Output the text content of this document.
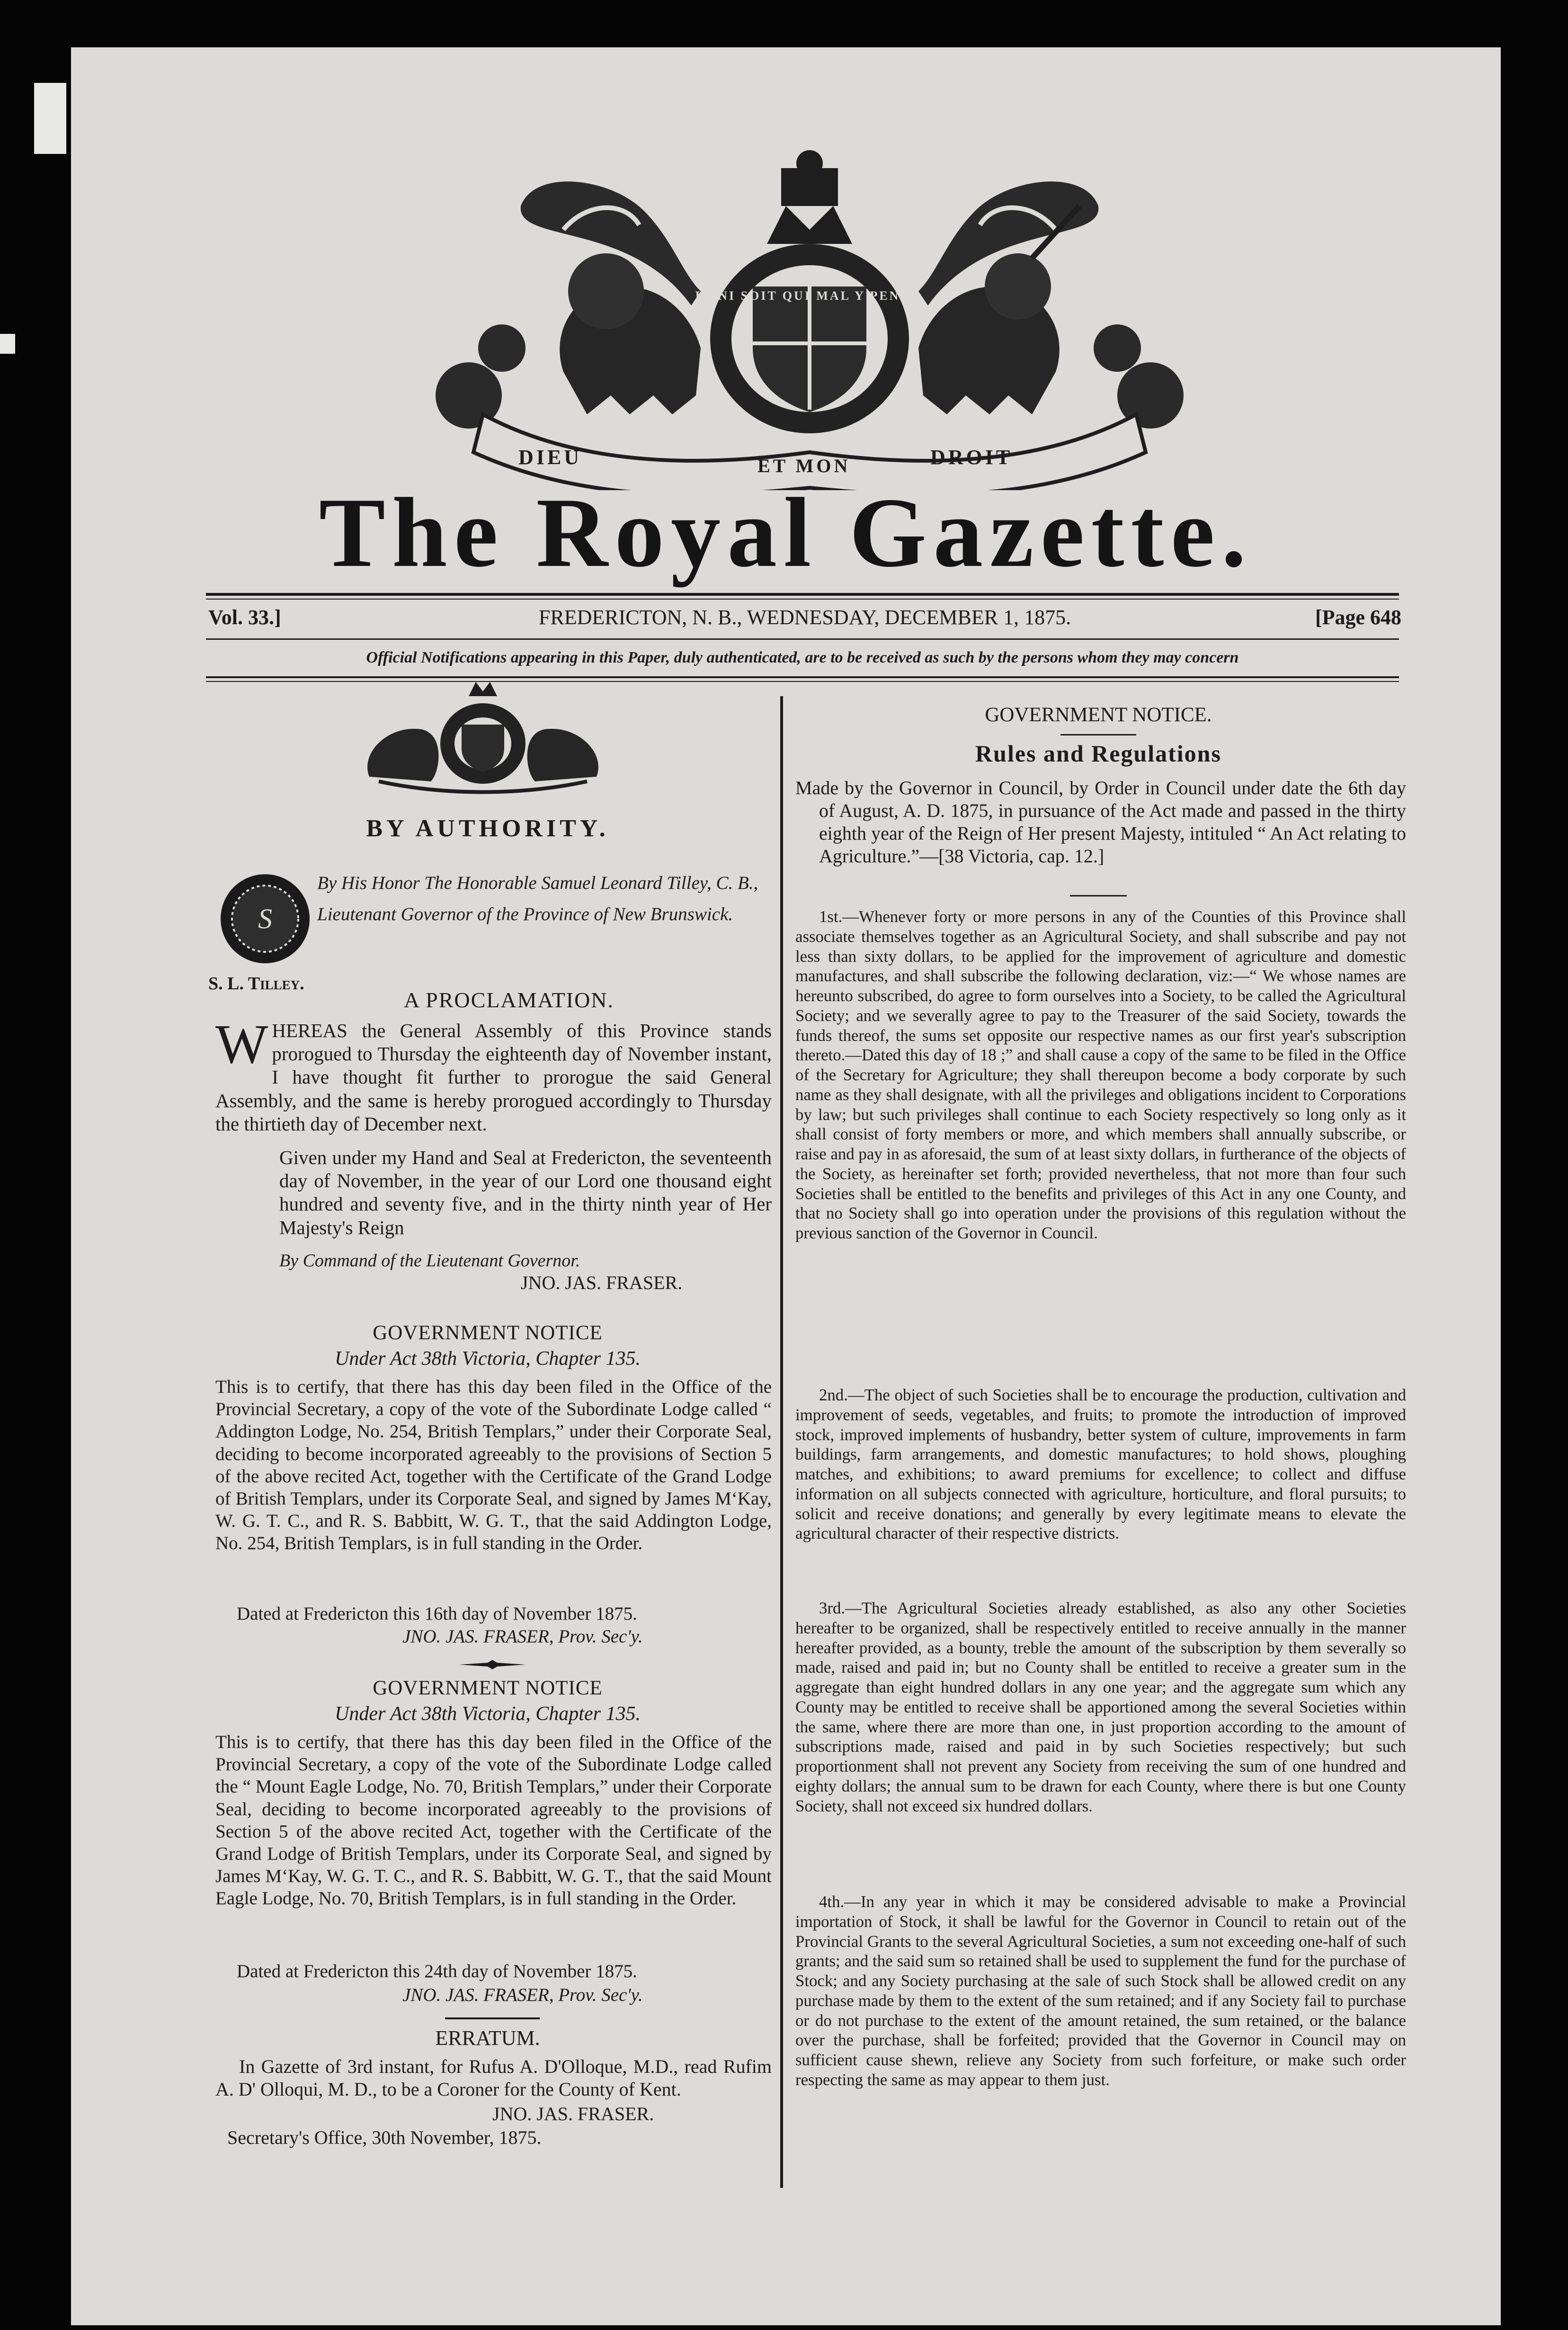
DIEU	ET MON	DROIT
HONI SOIT QUI MAL Y PENSE
The Royal Gazette.
Vol. 33.]	FREDERICTON, N. B., WEDNESDAY, DECEMBER 1, 1875.	[Page 648
Official Notifications appearing in this Paper, duly authenticated, are to be received as such by the persons whom they may concern
BY AUTHORITY.
S

By His Honor The Honorable Samuel Leonard Tilley, C. B., Lieutenant Governor of the Province of New Brunswick.

S. L. Tilley.
A PROCLAMATION.

WHEREAS the General Assembly of this Province stands prorogued to Thursday the eighteenth day of November instant, I have thought fit further to prorogue the said General Assembly, and the same is hereby prorogued accordingly to Thursday the thirtieth day of December next.

Given under my Hand and Seal at Fredericton, the seventeenth day of November, in the year of our Lord one thousand eight hundred and seventy five, and in the thirty ninth year of Her Majesty's Reign

By Command of the Lieutenant Governor.
JNO. JAS. FRASER.
GOVERNMENT NOTICE
Under Act 38th Victoria, Chapter 135.

This is to certify, that there has this day been filed in the Office of the Provincial Secretary, a copy of the vote of the Subordinate Lodge called “ Addington Lodge, No. 254, British Templars,” under their Corporate Seal, deciding to become incorporated agreeably to the provisions of Section 5 of the above recited Act, together with the Certificate of the Grand Lodge of British Templars, under its Corporate Seal, and signed by James M‘Kay, W. G. T. C., and R. S. Babbitt, W. G. T., that the said Addington Lodge, No. 254, British Templars, is in full standing in the Order.

Dated at Fredericton this 16th day of November 1875.
JNO. JAS. FRASER, Prov. Sec'y.
GOVERNMENT NOTICE
Under Act 38th Victoria, Chapter 135.

This is to certify, that there has this day been filed in the Office of the Provincial Secretary, a copy of the vote of the Subordinate Lodge called the “ Mount Eagle Lodge, No. 70, British Templars,” under their Corporate Seal, deciding to become incorporated agreeably to the provisions of Section 5 of the above recited Act, together with the Certificate of the Grand Lodge of British Templars, under its Corporate Seal, and signed by James M‘Kay, W. G. T. C., and R. S. Babbitt, W. G. T., that the said Mount Eagle Lodge, No. 70, British Templars, is in full standing in the Order.

Dated at Fredericton this 24th day of November 1875.
JNO. JAS. FRASER, Prov. Sec'y.
ERRATUM.

In Gazette of 3rd instant, for Rufus A. D'Olloque, M.D., read Rufim A. D' Olloqui, M. D., to be a Coroner for the County of Kent.

JNO. JAS. FRASER.
Secretary's Office, 30th November, 1875.
GOVERNMENT NOTICE.
Rules and Regulations

Made by the Governor in Council, by Order in Council under date the 6th day of August, A. D. 1875, in pursuance of the Act made and passed in the thirty eighth year of the Reign of Her present Majesty, intituled “ An Act relating to Agriculture.”—[38 Victoria, cap. 12.]

1st.—Whenever forty or more persons in any of the Counties of this Province shall associate themselves together as an Agricultural Society, and shall subscribe and pay not less than sixty dollars, to be applied for the improvement of agriculture and domestic manufactures, and shall subscribe the following declaration, viz:—“ We whose names are hereunto subscribed, do agree to form ourselves into a Society, to be called the Agricultural Society; and we severally agree to pay to the Treasurer of the said Society, towards the funds thereof, the sums set opposite our respective names as our first year's subscription thereto.—Dated this day of 18 ;” and shall cause a copy of the same to be filed in the Office of the Secretary for Agriculture; they shall thereupon become a body corporate by such name as they shall designate, with all the privileges and obligations incident to Corporations by law; but such privileges shall continue to each Society respectively so long only as it shall consist of forty members or more, and which members shall annually subscribe, or raise and pay in as aforesaid, the sum of at least sixty dollars, in furtherance of the objects of the Society, as hereinafter set forth; provided nevertheless, that not more than four such Societies shall be entitled to the benefits and privileges of this Act in any one County, and that no Society shall go into operation under the provisions of this regulation without the previous sanction of the Governor in Council.

2nd.—The object of such Societies shall be to encourage the production, cultivation and improvement of seeds, vegetables, and fruits; to promote the introduction of improved stock, improved implements of husbandry, better system of culture, improvements in farm buildings, farm arrangements, and domestic manufactures; to hold shows, ploughing matches, and exhibitions; to award premiums for excellence; to collect and diffuse information on all subjects connected with agriculture, horticulture, and floral pursuits; to solicit and receive donations; and generally by every legitimate means to elevate the agricultural character of their respective districts.

3rd.—The Agricultural Societies already established, as also any other Societies hereafter to be organized, shall be respectively entitled to receive annually in the manner hereafter provided, as a bounty, treble the amount of the subscription by them severally so made, raised and paid in; but no County shall be entitled to receive a greater sum in the aggregate than eight hundred dollars in any one year; and the aggregate sum which any County may be entitled to receive shall be apportioned among the several Societies within the same, where there are more than one, in just proportion according to the amount of subscriptions made, raised and paid in by such Societies respectively; but such proportionment shall not prevent any Society from receiving the sum of one hundred and eighty dollars; the annual sum to be drawn for each County, where there is but one County Society, shall not exceed six hundred dollars.

4th.—In any year in which it may be considered advisable to make a Provincial importation of Stock, it shall be lawful for the Governor in Council to retain out of the Provincial Grants to the several Agricultural Societies, a sum not exceeding one-half of such grants; and the said sum so retained shall be used to supplement the fund for the purchase of Stock; and any Society purchasing at the sale of such Stock shall be allowed credit on any purchase made by them to the extent of the sum retained; and if any Society fail to purchase or do not purchase to the extent of the amount retained, the sum retained, or the balance over the purchase, shall be forfeited; provided that the Governor in Council may on sufficient cause shewn, relieve any Society from such forfeiture, or make such order respecting the same as may appear to them just.
